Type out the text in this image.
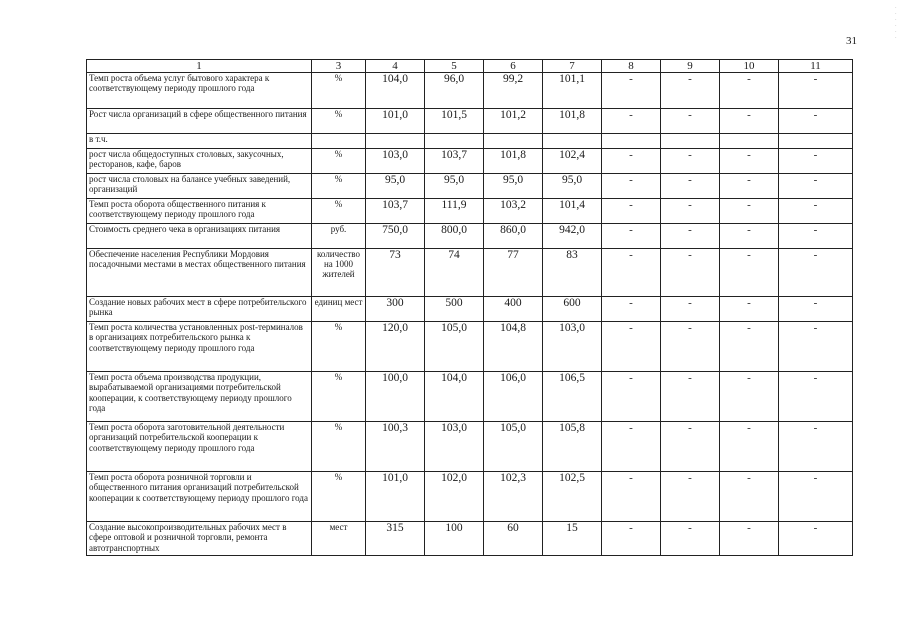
31
·
·
·
·
·
·
1		3	4	5	6	7	8	9	10	11
Темп роста объема услуг бытового характера к соответствующему периоду прошлого года	%	104,0	96,0	99,2	101,1	-	-	-	-
Рост числа организаций в сфере общественного питания	%	101,0	101,5	101,2	101,8	-	-	-	-
в т.ч.									
рост числа общедоступных столовых, закусочных, ресторанов, кафе, баров	%	103,0	103,7	101,8	102,4	-	-	-	-
рост числа столовых на балансе учебных заведений, организаций	%	95,0	95,0	95,0	95,0	-	-	-	-
Темп роста оборота общественного питания к соответствующему периоду прошлого года	%	103,7	111,9	103,2	101,4	-	-	-	-
Стоимость среднего чека в организациях питания	руб.	750,0	800,0	860,0	942,0	-	-	-	-
Обеспечение населения Республики Мордовия посадочными местами в местах общественного питания	количество на 1000 жителей	73	74	77	83	-	-	-	-
Создание новых рабочих мест в сфере потребительского рынка	единиц мест	300	500	400	600	-	-	-	-
Темп роста количества установленных post-терминалов в организациях потребительского рынка к соответствующему периоду прошлого года	%	120,0	105,0	104,8	103,0	-	-	-	-
Темп роста объема производства продукции, вырабатываемой организациями потребительской кооперации, к соответствующему периоду прошлого года	%	100,0	104,0	106,0	106,5	-	-	-	-
Темп роста оборота заготовительной деятельности организаций потребительской кооперации к соответствующему периоду прошлого года	%	100,3	103,0	105,0	105,8	-	-	-	-
Темп роста оборота розничной торговли и общественного питания организаций потребительской кооперации к соответствующему периоду прошлого года	%	101,0	102,0	102,3	102,5	-	-	-	-
Создание высокопроизводительных рабочих мест в сфере оптовой и розничной торговли, ремонта автотранспортных	мест	315	100	60	15	-	-	-	-
